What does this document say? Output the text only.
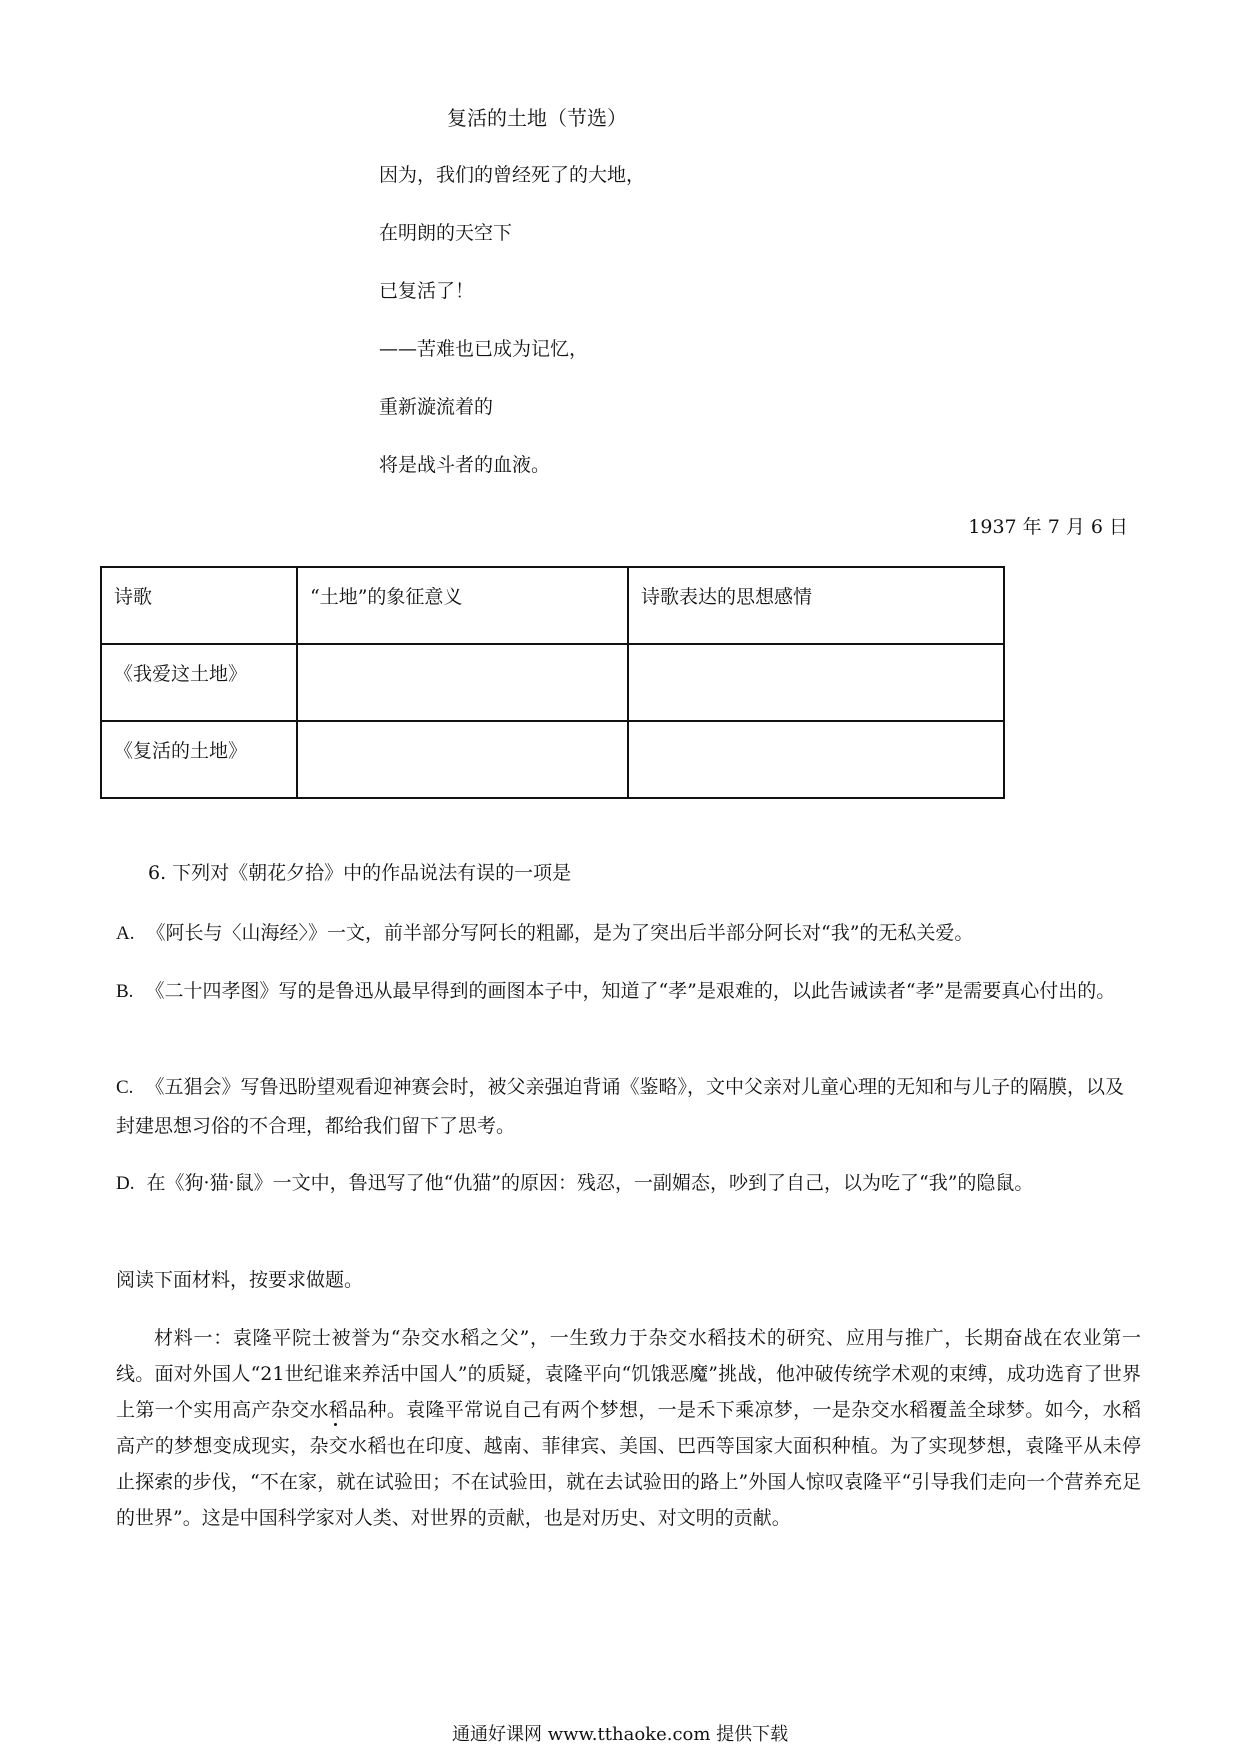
复活的土地（节选）
因为，我们的曾经死了的大地，
在明朗的天空下
已复活了！
——苦难也已成为记忆，
重新漩流着的
将是战斗者的血液。
1937 年 7 月 6 日
诗歌	“土地”的象征意义	诗歌表达的思想感情
《我爱这土地》		
《复活的土地》		
6. 下列对《朝花夕拾》中的作品说法有误的一项是
A. 《阿长与〈山海经〉》一文，前半部分写阿长的粗鄙，是为了突出后半部分阿长对“我”的无私关爱。
B. 《二十四孝图》写的是鲁迅从最早得到的画图本子中，知道了“孝”是艰难的，以此告诫读者“孝”是需要真心付出的。
C. 《五猖会》写鲁迅盼望观看迎神赛会时，被父亲强迫背诵《鉴略》，文中父亲对儿童心理的无知和与儿子的隔膜，以及封建思想习俗的不合理，都给我们留下了思考。
D. 在《狗·猫·鼠》一文中，鲁迅写了他“仇猫”的原因：残忍，一副媚态，吵到了自己，以为吃了“我”的隐鼠。
阅读下面材料，按要求做题。
材料一：袁隆平院士被誉为“杂交水稻之父”，一生致力于杂交水稻技术的研究、应用与推广，长期奋战在农业第一线。面对外国人“21世纪谁来养活中国人”的质疑，袁隆平向“饥饿恶魔”挑战，他冲破传统学术观的束缚，成功选育了世界上第一个实用高产杂交水稻品种。袁隆平常说自己有两个梦想，一是禾下乘凉梦，一是杂交水稻覆盖全球梦。如今，水稻高产的梦想变成现实，杂交水稻也在印度、越南、菲律宾、美国、巴西等国家大面积种植。为了实现梦想，袁隆平从未停止探索的步伐，“不在家，就在试验田；不在试验田，就在去试验田的路上”外国人惊叹袁隆平“引导我们走向一个营养充足的世界”。这是中国科学家对人类、对世界的贡献，也是对历史、对文明的贡献。
通通好课网 www.tthaoke.com 提供下载
